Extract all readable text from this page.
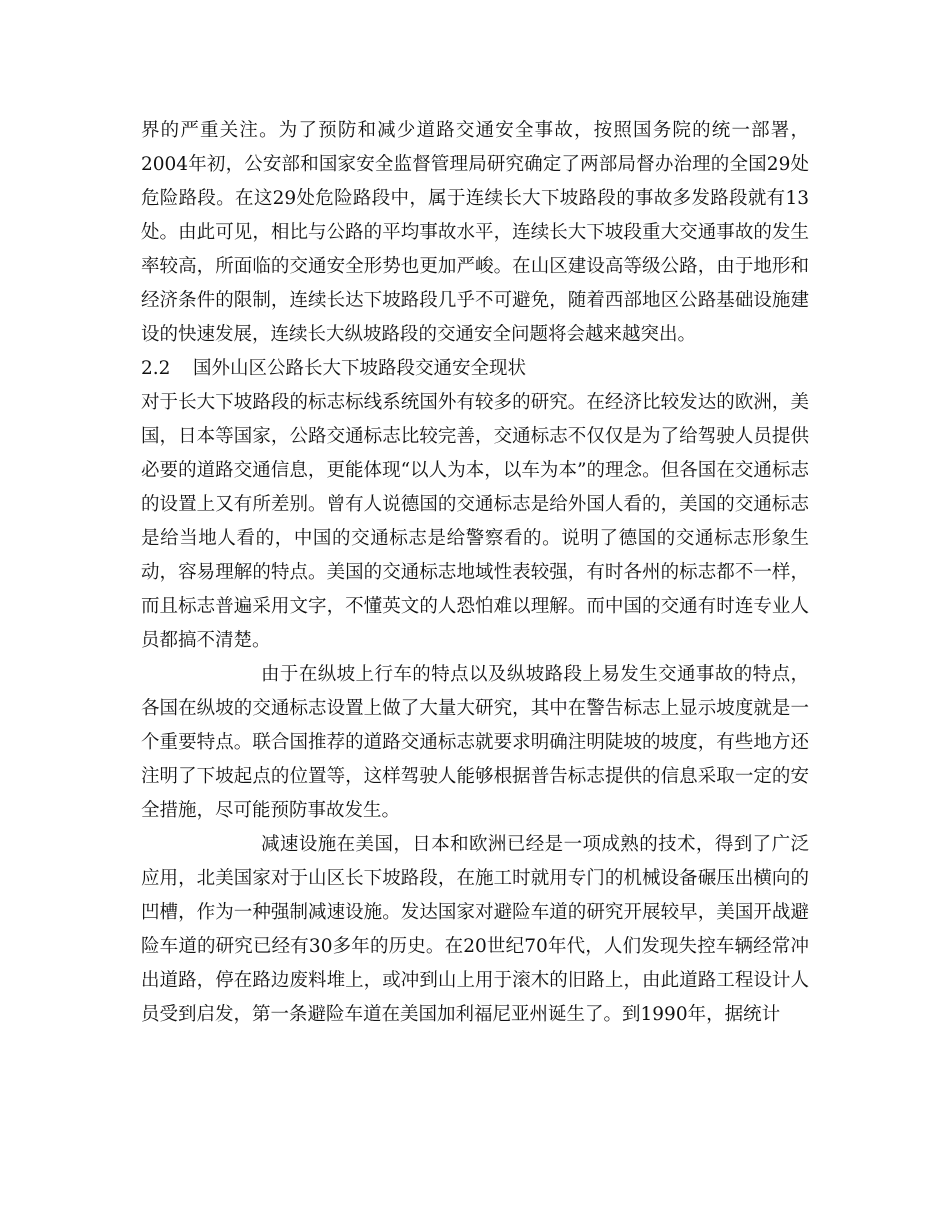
界的严重关注。为了预防和减少道路交通安全事故，按照国务院的统一部署，2004年初，公安部和国家安全监督管理局研究确定了两部局督办治理的全国29处危险路段。在这29处危险路段中，属于连续长大下坡路段的事故多发路段就有13处。由此可见，相比与公路的平均事故水平，连续长大下坡段重大交通事故的发生率较高，所面临的交通安全形势也更加严峻。在山区建设高等级公路，由于地形和经济条件的限制，连续长达下坡路段几乎不可避免，随着西部地区公路基础设施建设的快速发展，连续长大纵坡路段的交通安全问题将会越来越突出。

2.2	国外山区公路长大下坡路段交通安全现状

对于长大下坡路段的标志标线系统国外有较多的研究。在经济比较发达的欧洲，美国，日本等国家，公路交通标志比较完善，交通标志不仅仅是为了给驾驶人员提供必要的道路交通信息，更能体现“以人为本，以车为本”的理念。但各国在交通标志的设置上又有所差别。曾有人说德国的交通标志是给外国人看的，美国的交通标志是给当地人看的，中国的交通标志是给警察看的。说明了德国的交通标志形象生动，容易理解的特点。美国的交通标志地域性表较强，有时各州的标志都不一样，而且标志普遍采用文字，不懂英文的人恐怕难以理解。而中国的交通有时连专业人员都搞不清楚。

由于在纵坡上行车的特点以及纵坡路段上易发生交通事故的特点，各国在纵坡的交通标志设置上做了大量大研究，其中在警告标志上显示坡度就是一个重要特点。联合国推荐的道路交通标志就要求明确注明陡坡的坡度，有些地方还注明了下坡起点的位置等，这样驾驶人能够根据普告标志提供的信息采取一定的安全措施，尽可能预防事故发生。

减速设施在美国，日本和欧洲已经是一项成熟的技术，得到了广泛应用，北美国家对于山区长下坡路段，在施工时就用专门的机械设备碾压出横向的凹槽，作为一种强制减速设施。发达国家对避险车道的研究开展较早，美国开战避险车道的研究已经有30多年的历史。在20世纪70年代，人们发现失控车辆经常冲出道路，停在路边废料堆上，或冲到山上用于滚木的旧路上，由此道路工程设计人员受到启发，第一条避险车道在美国加利福尼亚州诞生了。到1990年，据统计
